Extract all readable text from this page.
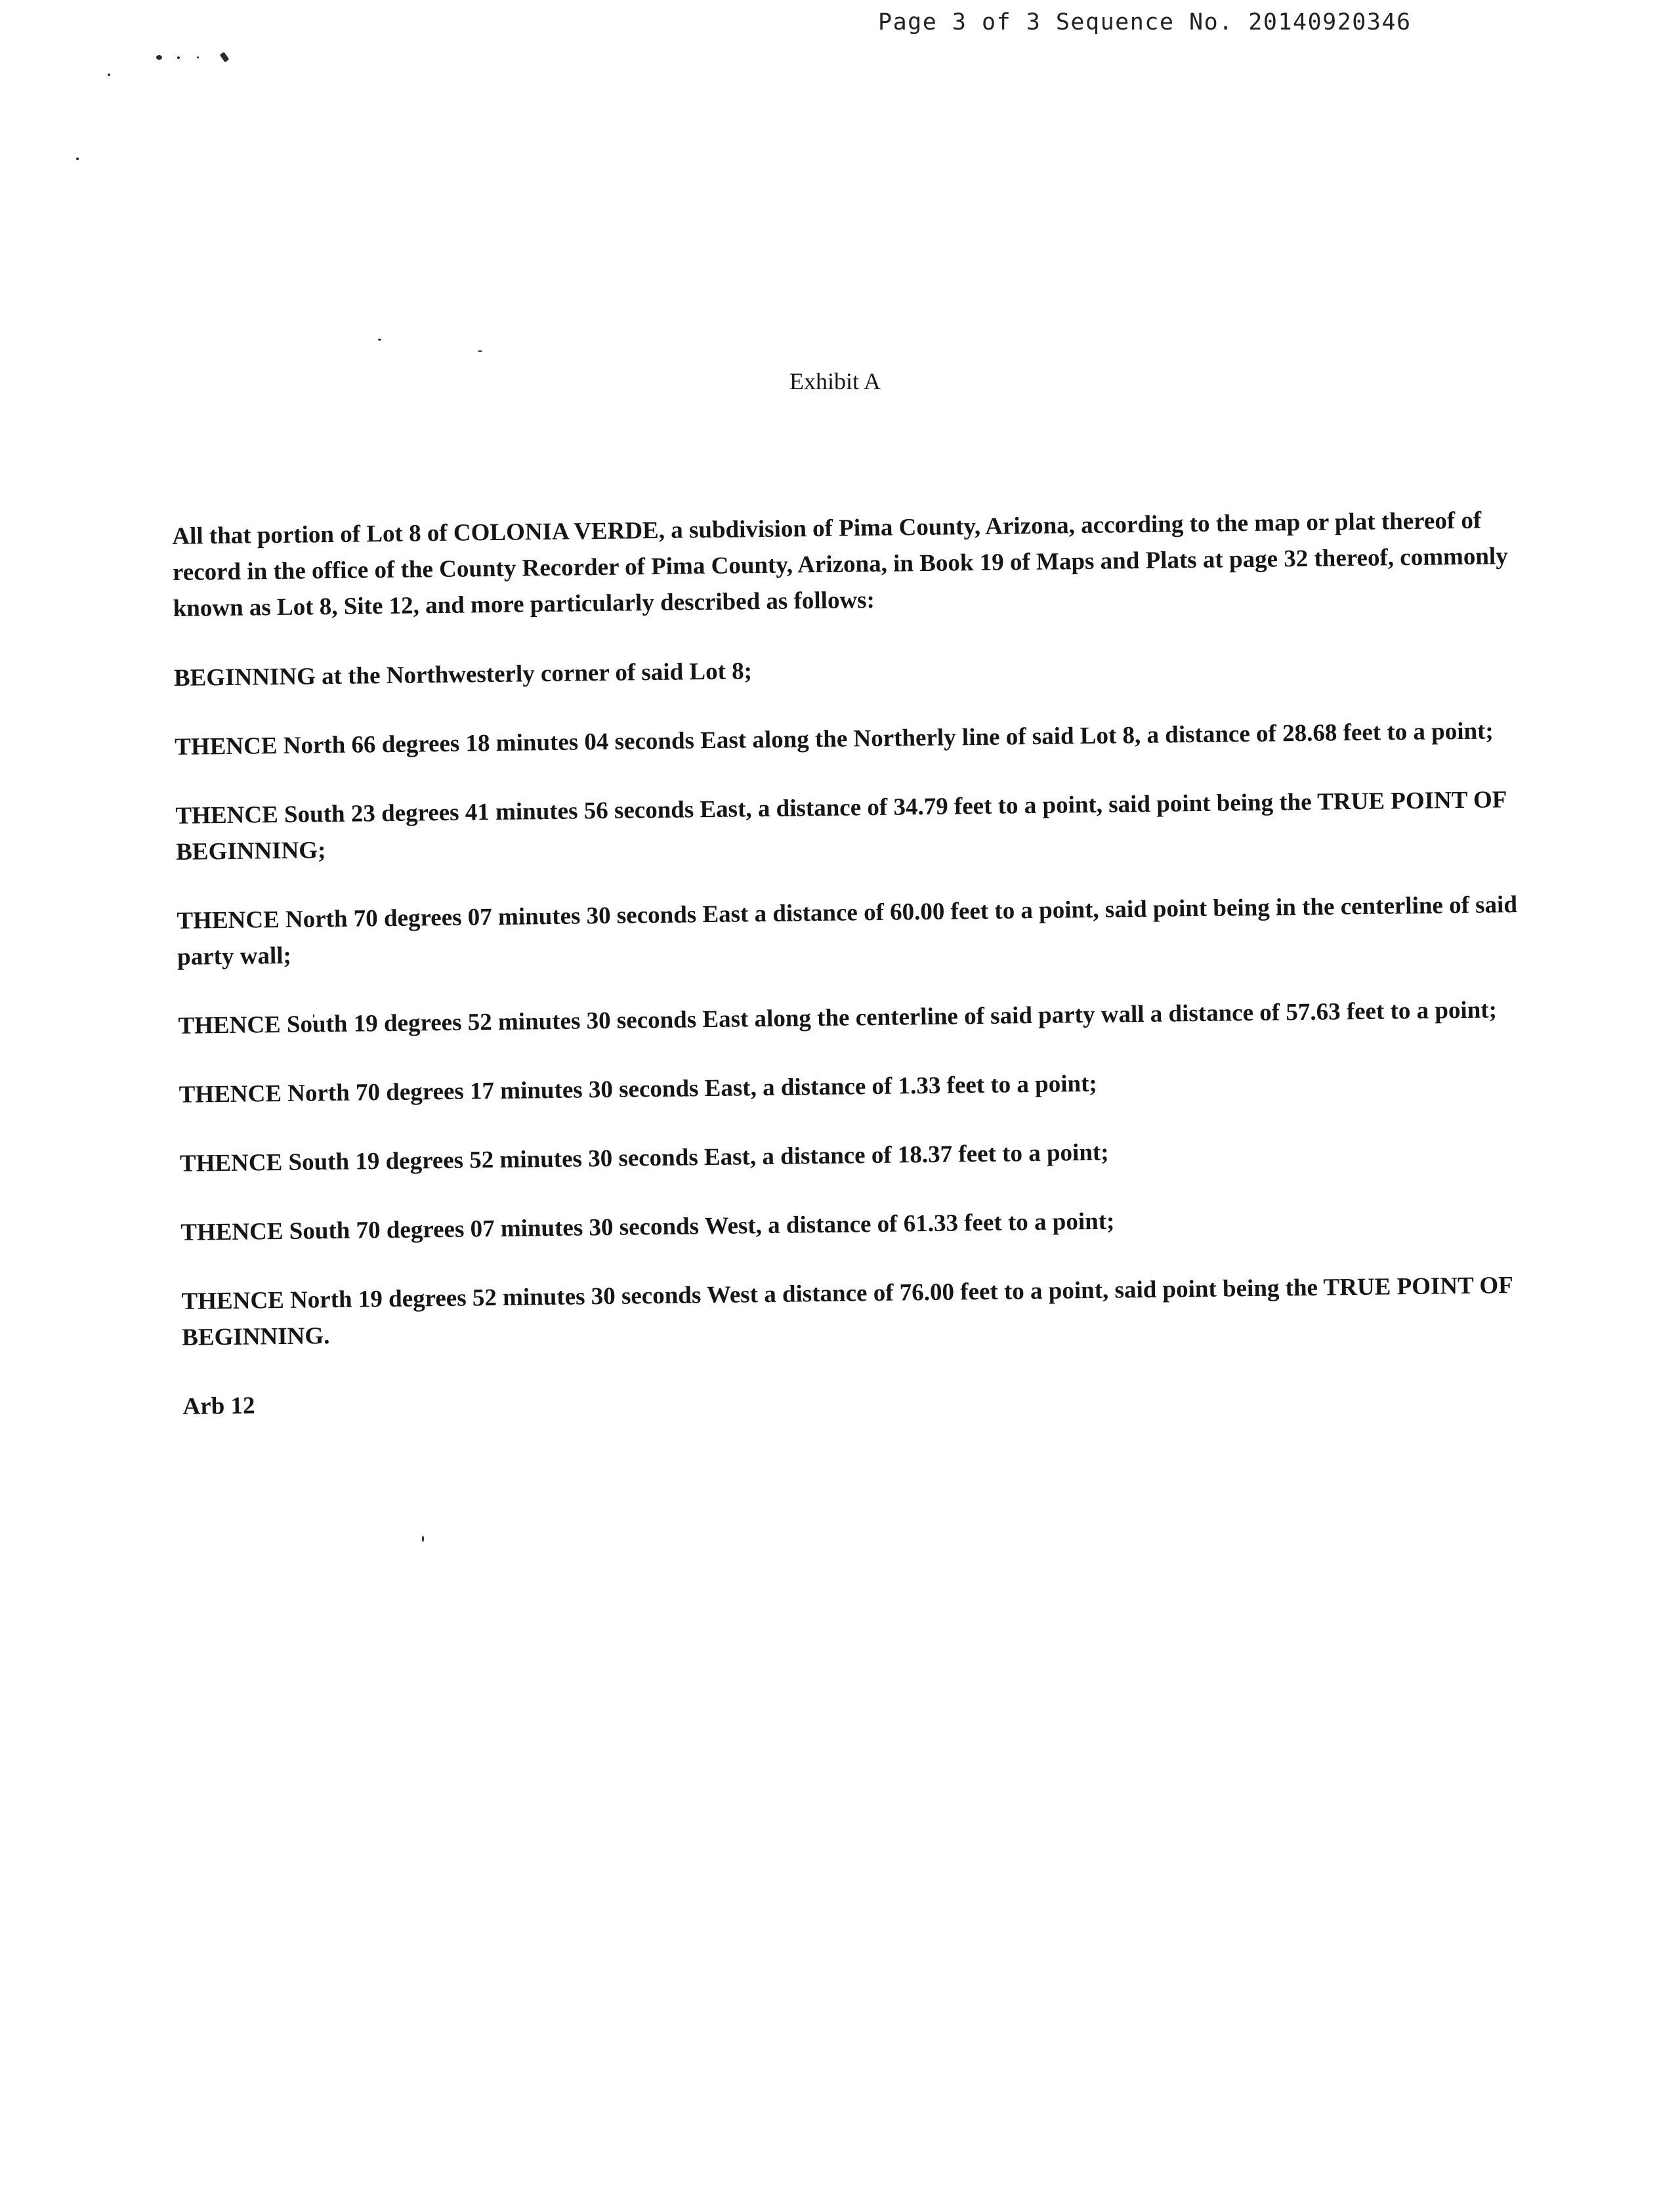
Page 3 of 3 Sequence No. 20140920346
Exhibit A

All that portion of Lot 8 of COLONIA VERDE, a subdivision of Pima County, Arizona, according to the map or plat thereof of record in the office of the County Recorder of Pima County, Arizona, in Book 19 of Maps and Plats at page 32 thereof, commonly known as Lot 8, Site 12, and more particularly described as follows:

BEGINNING at the Northwesterly corner of said Lot 8;

THENCE North 66 degrees 18 minutes 04 seconds East along the Northerly line of said Lot 8, a distance of 28.68 feet to a point;

THENCE South 23 degrees 41 minutes 56 seconds East, a distance of 34.79 feet to a point, said point being the TRUE POINT OF BEGINNING;

THENCE North 70 degrees 07 minutes 30 seconds East a distance of 60.00 feet to a point, said point being in the centerline of said party wall;

THENCE South 19 degrees 52 minutes 30 seconds East along the centerline of said party wall a distance of 57.63 feet to a point;

THENCE North 70 degrees 17 minutes 30 seconds East, a distance of 1.33 feet to a point;

THENCE South 19 degrees 52 minutes 30 seconds East, a distance of 18.37 feet to a point;

THENCE South 70 degrees 07 minutes 30 seconds West, a distance of 61.33 feet to a point;

THENCE North 19 degrees 52 minutes 30 seconds West a distance of 76.00 feet to a point, said point being the TRUE POINT OF BEGINNING.

Arb 12
